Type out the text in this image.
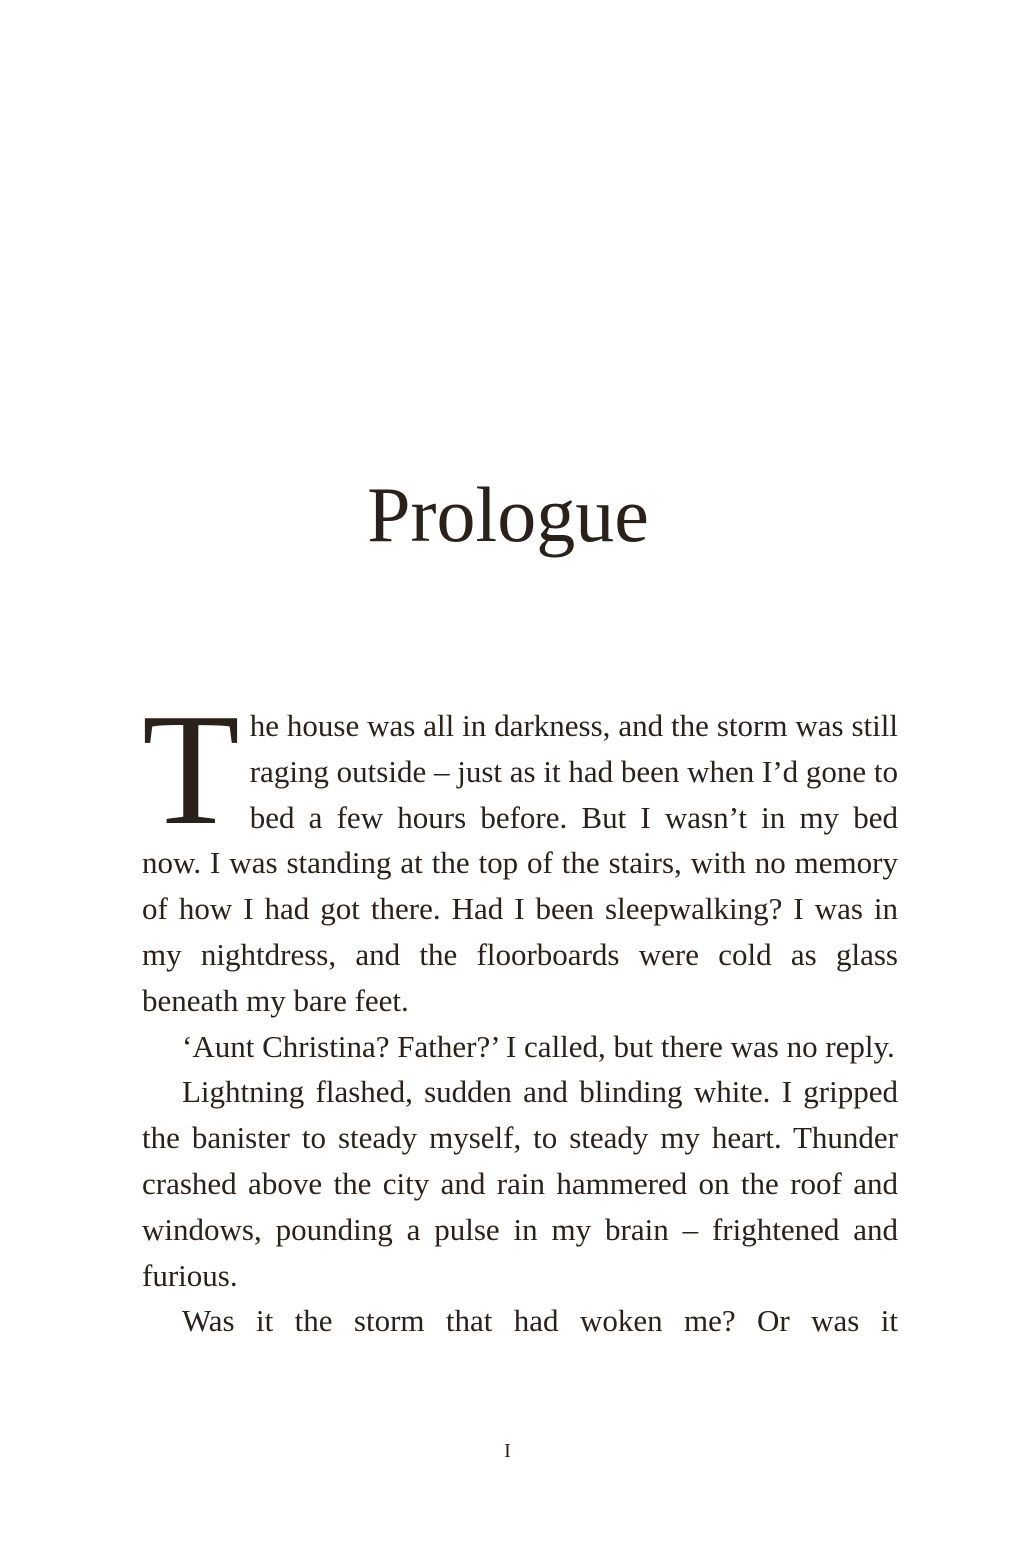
Prologue

The house was all in darkness, and the storm was still raging outside – just as it had been when I’d gone to bed a few hours before. But I wasn’t in my bed now. I was standing at the top of the stairs, with no memory of how I had got there. Had I been sleepwalking? I was in my nightdress, and the floorboards were cold as glass beneath my bare feet.

‘Aunt Christina? Father?’ I called, but there was no reply.

Lightning flashed, sudden and blinding white. I gripped the banister to steady myself, to steady my heart. Thunder crashed above the city and rain hammered on the roof and windows, pounding a pulse in my brain – frightened and furious.

Was it the storm that had woken me? Or was it

I
